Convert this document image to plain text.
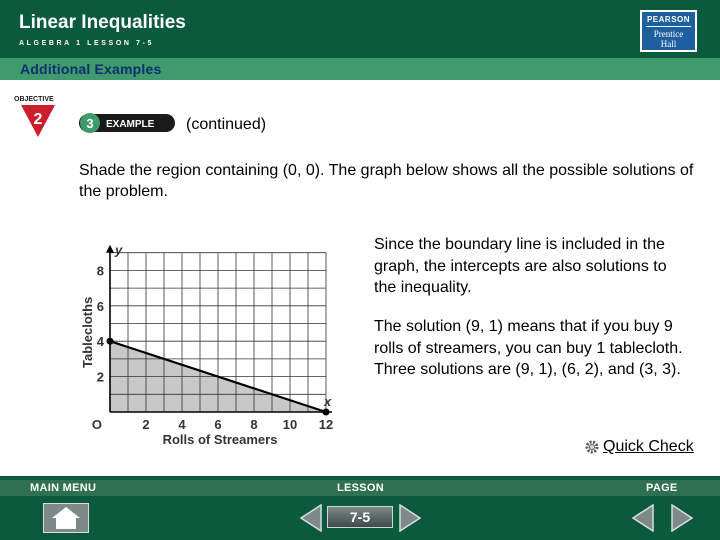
Linear Inequalities
ALGEBRA 1 LESSON 7-5
PEARSON
Prentice
Hall
Additional Examples
OBJECTIVE
2	3 EXAMPLE (continued)
Shade the region containing (0, 0). The graph below shows all the possible solutions of the problem.
2 4 6 8 10 12
2
4
6
8
O
y
x
Rolls of Streamers
Tablecloths
Since the boundary line is included in the graph, the intercepts are also solutions to the inequality.
The solution (9, 1) means that if you buy 9 rolls of streamers, you can buy 1 tablecloth. Three solutions are (9, 1), (6, 2), and (3, 3).
Quick Check
MAIN MENU	LESSON	PAGE
7-5
